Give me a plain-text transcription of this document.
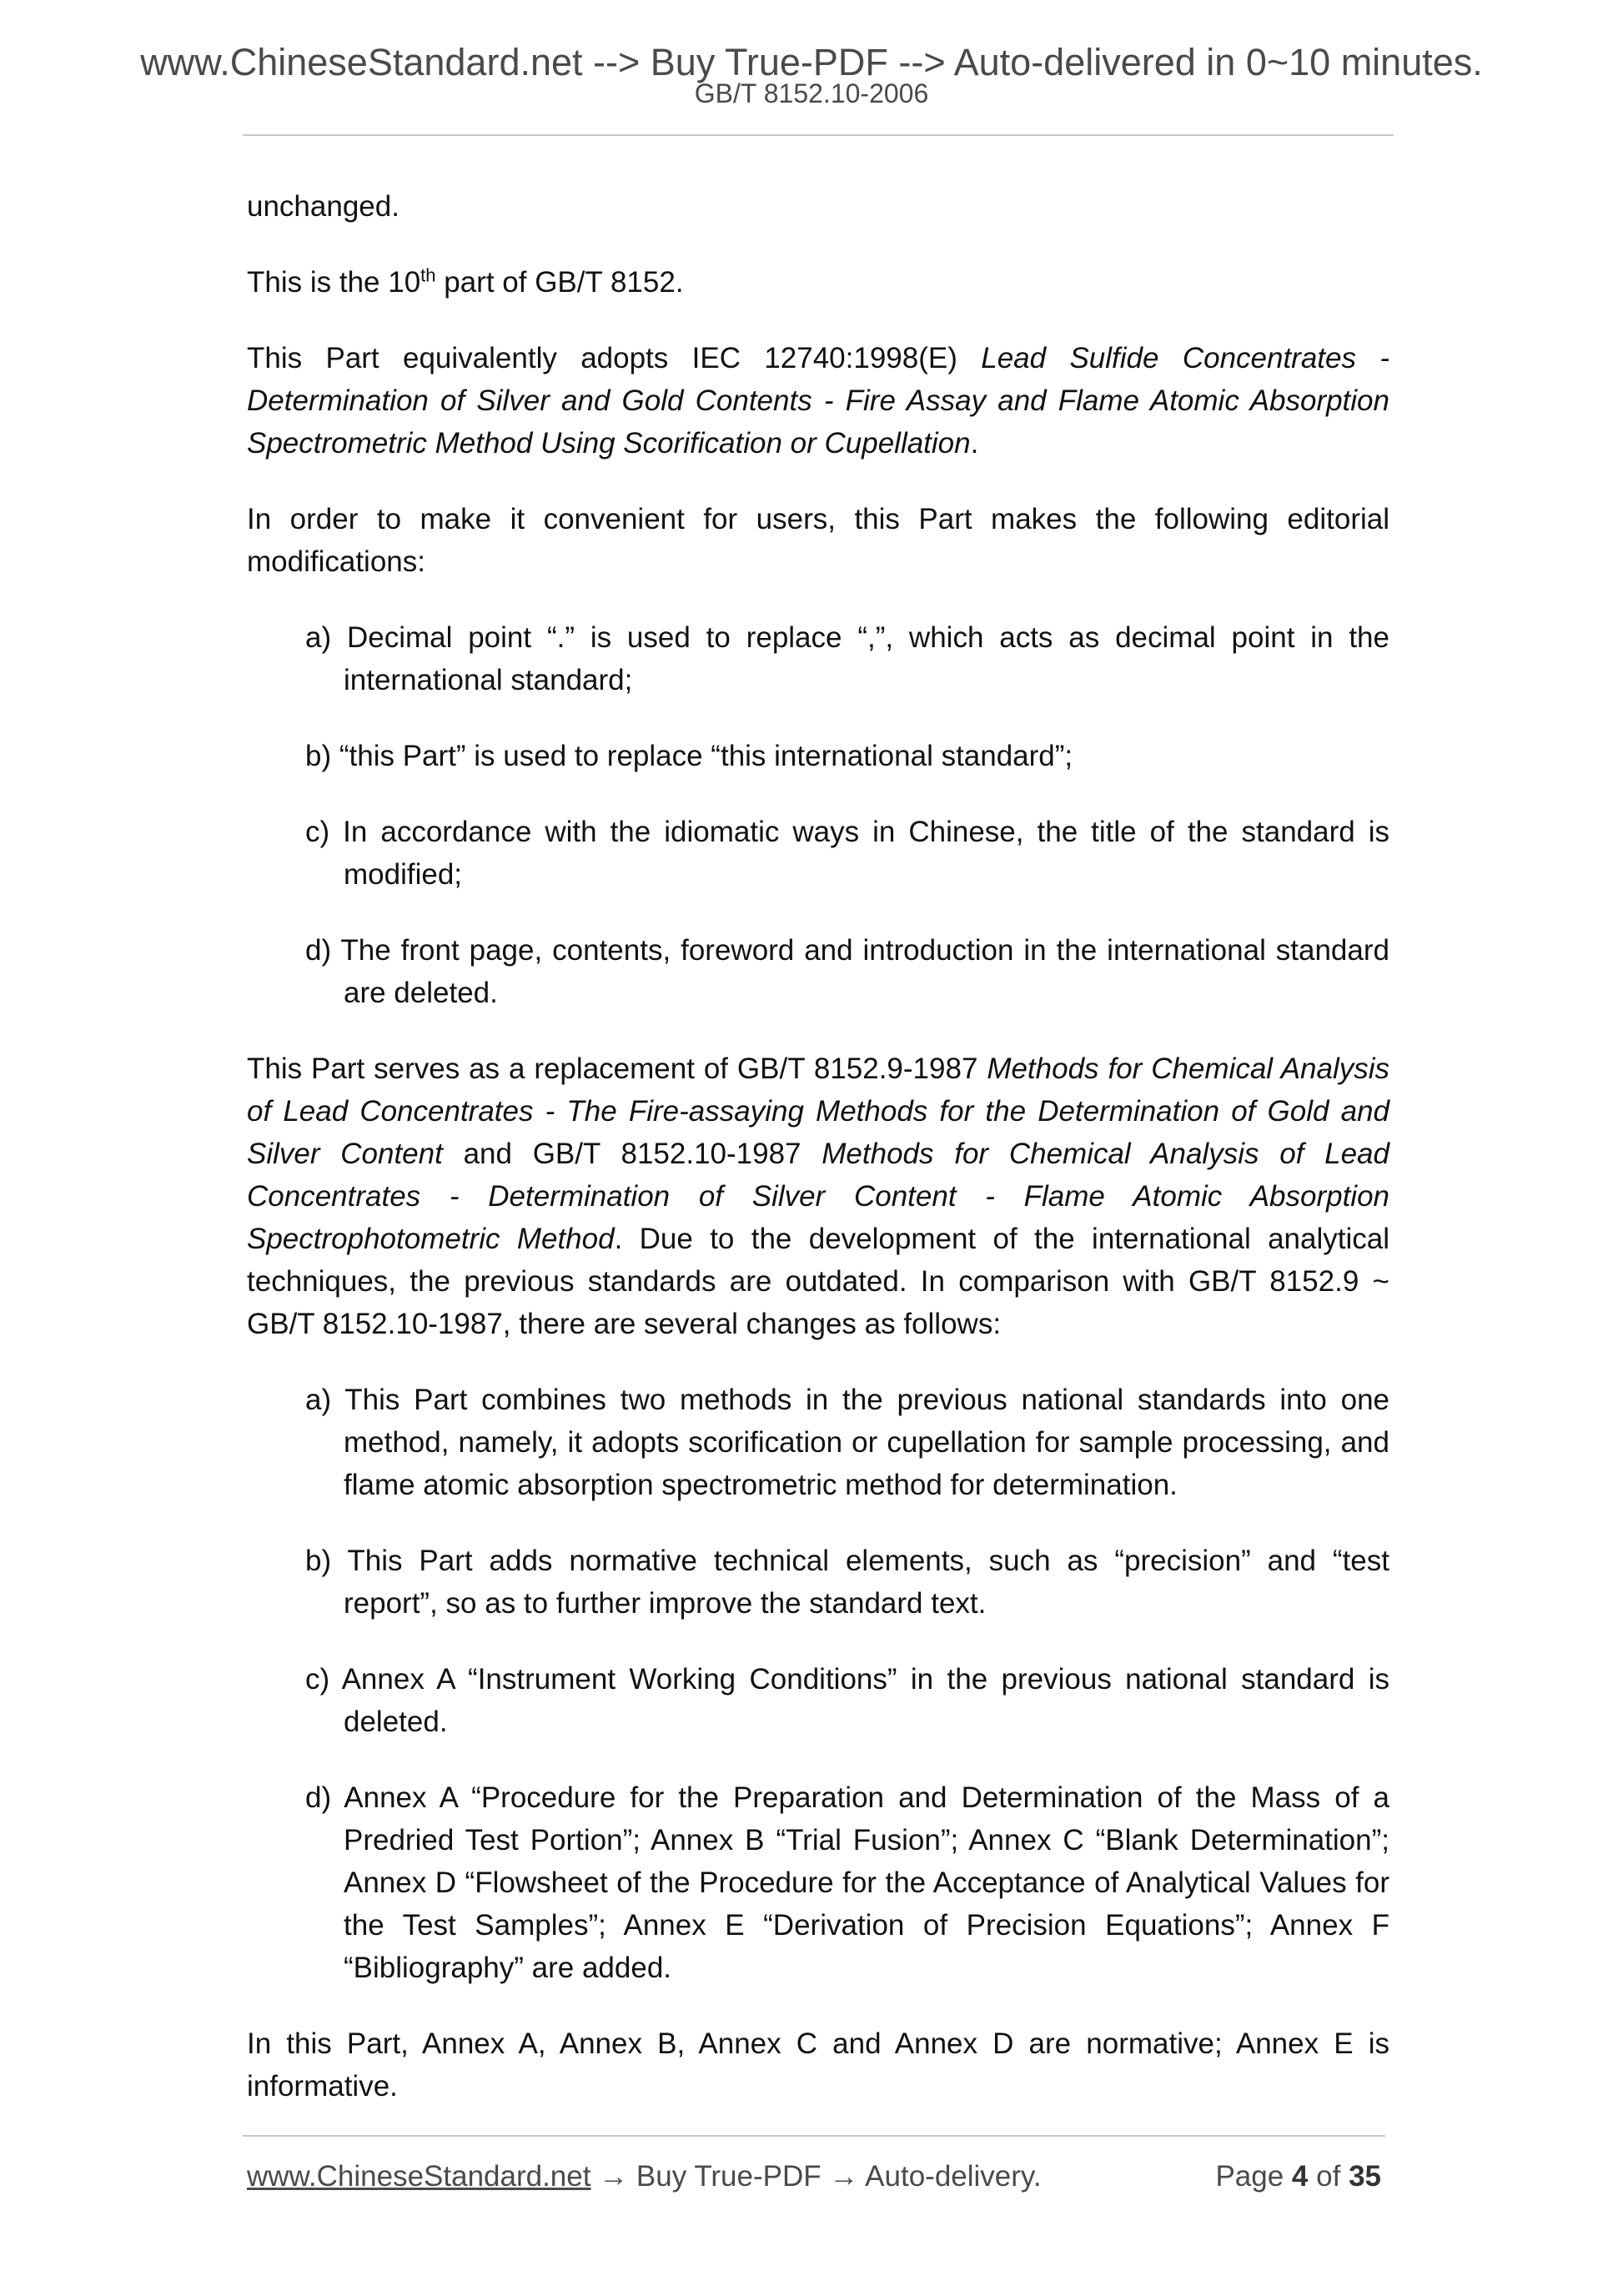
www.ChineseStandard.net --> Buy True-PDF --> Auto-delivered in 0~10 minutes.
GB/T 8152.10-2006

unchanged.

This is the 10th part of GB/T 8152.

This Part equivalently adopts IEC 12740:1998(E) Lead Sulfide Concentrates - Determination of Silver and Gold Contents - Fire Assay and Flame Atomic Absorption Spectrometric Method Using Scorification or Cupellation.

In order to make it convenient for users, this Part makes the following editorial modifications:

a) Decimal point “.” is used to replace “,”, which acts as decimal point in the international standard;
b) “this Part” is used to replace “this international standard”;
c) In accordance with the idiomatic ways in Chinese, the title of the standard is modified;
d) The front page, contents, foreword and introduction in the international standard are deleted.

This Part serves as a replacement of GB/T 8152.9-1987 Methods for Chemical Analysis of Lead Concentrates - The Fire-assaying Methods for the Determination of Gold and Silver Content and GB/T 8152.10-1987 Methods for Chemical Analysis of Lead Concentrates - Determination of Silver Content - Flame Atomic Absorption Spectrophotometric Method. Due to the development of the international analytical techniques, the previous standards are outdated. In comparison with GB/T 8152.9 ~ GB/T 8152.10-1987, there are several changes as follows:

a) This Part combines two methods in the previous national standards into one method, namely, it adopts scorification or cupellation for sample processing, and flame atomic absorption spectrometric method for determination.
b) This Part adds normative technical elements, such as “precision” and “test report”, so as to further improve the standard text.
c) Annex A “Instrument Working Conditions” in the previous national standard is deleted.
d) Annex A “Procedure for the Preparation and Determination of the Mass of a Predried Test Portion”; Annex B “Trial Fusion”; Annex C “Blank Determination”; Annex D “Flowsheet of the Procedure for the Acceptance of Analytical Values for the Test Samples”; Annex E “Derivation of Precision Equations”; Annex F “Bibliography” are added.

In this Part, Annex A, Annex B, Annex C and Annex D are normative; Annex E is informative.

www.ChineseStandard.net → Buy True-PDF → Auto-delivery.	Page 4 of 35
